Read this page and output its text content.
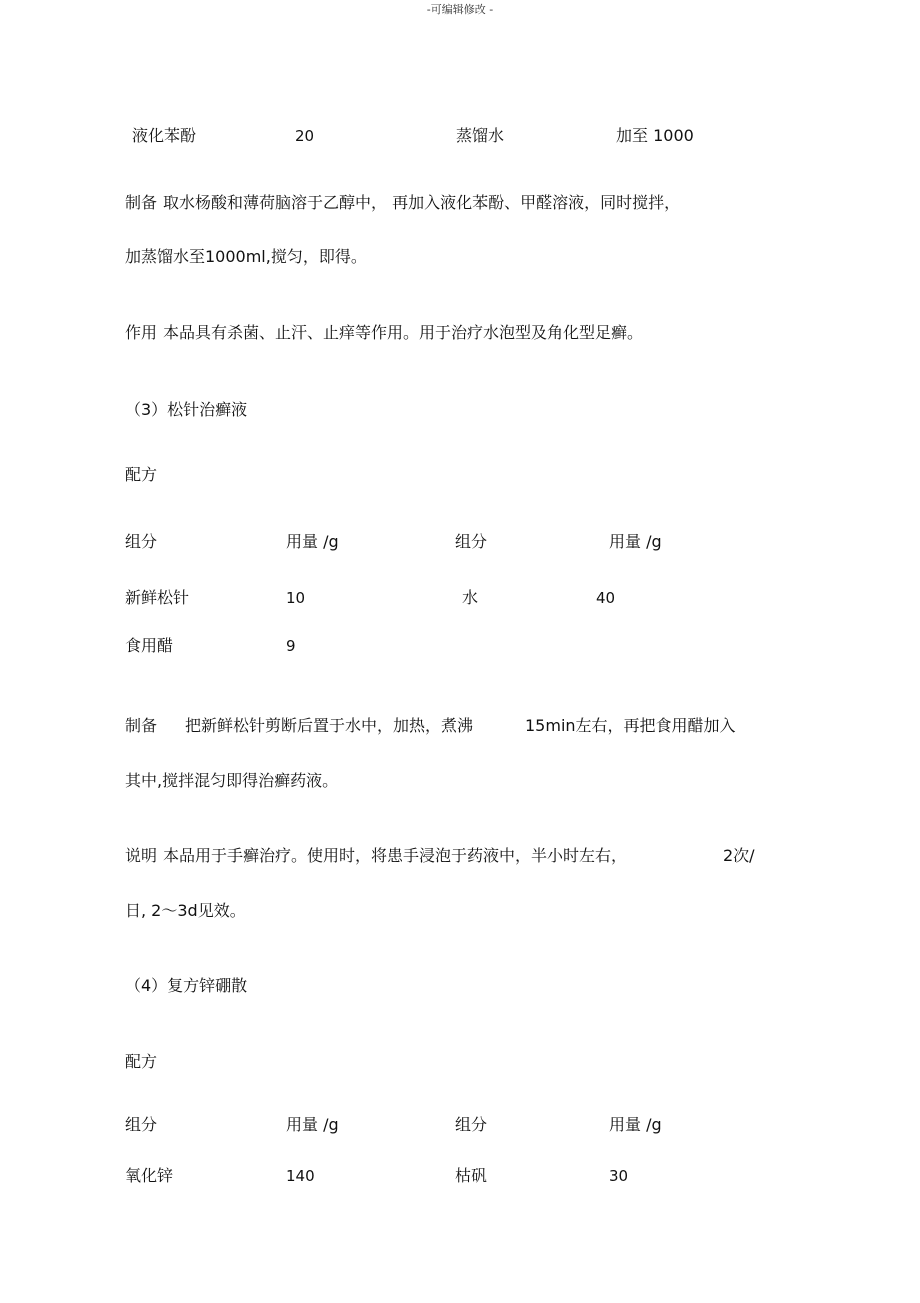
-可编辑修改 -
液化苯酚	20	蒸馏水	加至 1000
制备 取水杨酸和薄荷脑溶于乙醇中， 再加入液化苯酚、甲醛溶液，同时搅拌，
加蒸馏水至1000ml,搅匀，即得。
作用 本品具有杀菌、止汗、止痒等作用。用于治疗水泡型及角化型足癣。
（3）松针治癣液
配方
组分	用量 /g	组分	用量 /g
新鲜松针	10	水	40
食用醋	9
制备 把新鲜松针剪断后置于水中，加热，煮沸	15min左右，再把食用醋加入
其中,搅拌混匀即得治癣药液。
说明 本品用于手癣治疗。使用时，将患手浸泡于药液中，半小时左右，	2次/
日, 2〜3d见效。
（4）复方锌硼散
配方
组分	用量 /g	组分	用量 /g
氧化锌	140	枯矾	30
